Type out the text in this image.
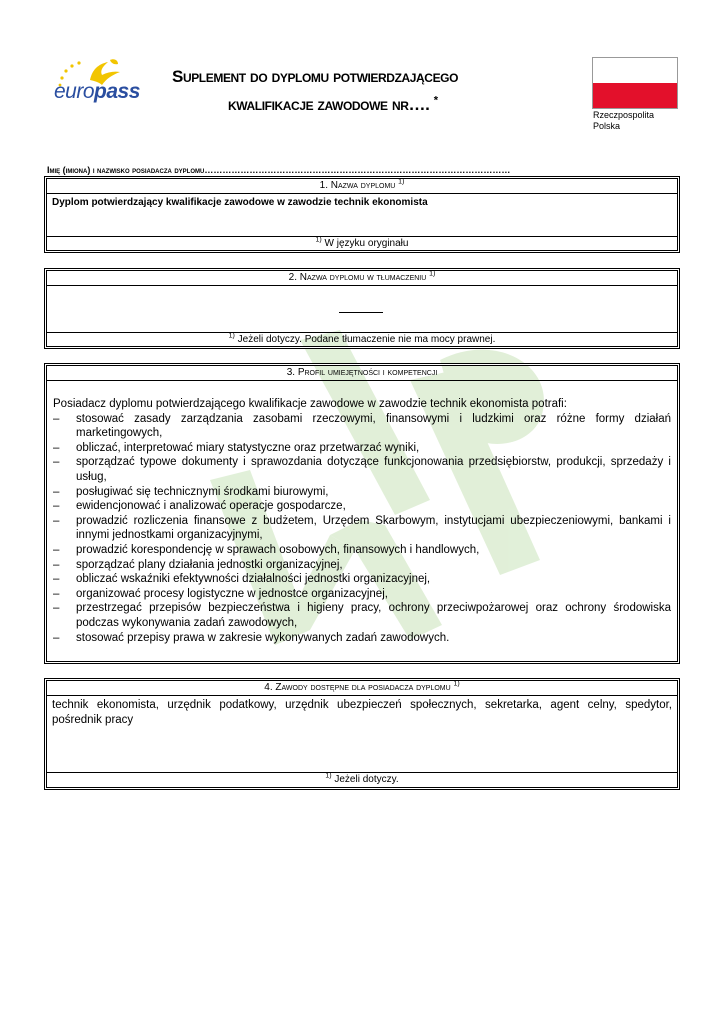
europass
Suplement do dyplomu potwierdzającego
kwalifikacje zawodowe nr…. *
Rzeczpospolita
Polska
Imię (imiona) i nazwisko posiadacza dyplomu…………………………………………………………………………………………
1. Nazwa dyplomu $^{1)}$
Dyplom potwierdzający kwalifikacje zawodowe w zawodzie technik ekonomista
$^{1)}$ W języku oryginału
2. Nazwa dyplomu w tłumaczeniu $^{1)}$
$^{1)}$ Jeżeli dotyczy. Podane tłumaczenie nie ma mocy prawnej.
3. Profil umiejętności i kompetencji
Posiadacz dyplomu potwierdzającego kwalifikacje zawodowe w zawodzie technik ekonomista potrafi:
– stosować zasady zarządzania zasobami rzeczowymi, finansowymi i ludzkimi oraz różne formy działań marketingowych,
– obliczać, interpretować miary statystyczne oraz przetwarzać wyniki,
– sporządzać typowe dokumenty i sprawozdania dotyczące funkcjonowania przedsiębiorstw, produkcji, sprzedaży i usług,
– posługiwać się technicznymi środkami biurowymi,
– ewidencjonować i analizować operacje gospodarcze,
– prowadzić rozliczenia finansowe z budżetem, Urzędem Skarbowym, instytucjami ubezpieczeniowymi, bankami i innymi jednostkami organizacyjnymi,
– prowadzić korespondencję w sprawach osobowych, finansowych i handlowych,
– sporządzać plany działania jednostki organizacyjnej,
– obliczać wskaźniki efektywności działalności jednostki organizacyjnej,
– organizować procesy logistyczne w jednostce organizacyjnej,
– przestrzegać przepisów bezpieczeństwa i higieny pracy, ochrony przeciwpożarowej oraz ochrony środowiska podczas wykonywania zadań zawodowych,
– stosować przepisy prawa w zakresie wykonywanych zadań zawodowych.
4. Zawody dostępne dla posiadacza dyplomu $^{1)}$
technik ekonomista, urzędnik podatkowy, urzędnik ubezpieczeń społecznych, sekretarka, agent celny, spedytor, pośrednik pracy
$^{1)}$ Jeżeli dotyczy.
